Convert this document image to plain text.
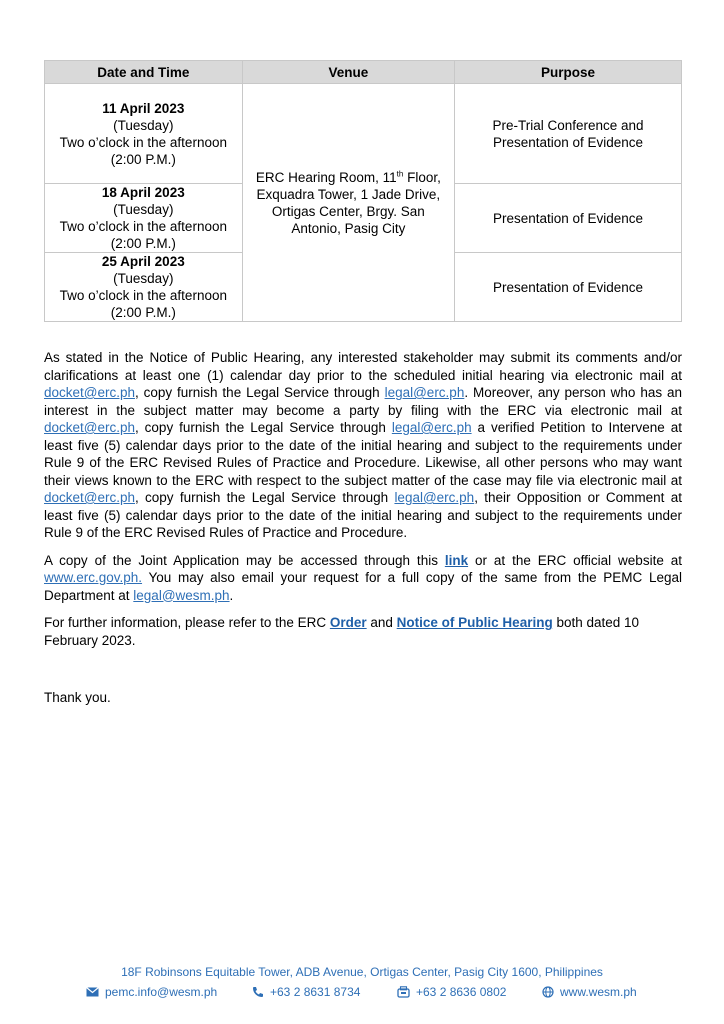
Date and Time	Venue	Purpose
11 April 2023
(Tuesday)
Two o’clock in the afternoon
(2:00 P.M.)	ERC Hearing Room, 11th Floor, Exquadra Tower, 1 Jade Drive, Ortigas Center, Brgy. San Antonio, Pasig City	Pre-Trial Conference and Presentation of Evidence
18 April 2023
(Tuesday)
Two o’clock in the afternoon
(2:00 P.M.)		Presentation of Evidence
25 April 2023
(Tuesday)
Two o’clock in the afternoon
(2:00 P.M.)		Presentation of Evidence

As stated in the Notice of Public Hearing, any interested stakeholder may submit its comments and/or clarifications at least one (1) calendar day prior to the scheduled initial hearing via electronic mail at docket@erc.ph, copy furnish the Legal Service through legal@erc.ph. Moreover, any person who has an interest in the subject matter may become a party by filing with the ERC via electronic mail at docket@erc.ph, copy furnish the Legal Service through legal@erc.ph a verified Petition to Intervene at least five (5) calendar days prior to the date of the initial hearing and subject to the requirements under Rule 9 of the ERC Revised Rules of Practice and Procedure. Likewise, all other persons who may want their views known to the ERC with respect to the subject matter of the case may file via electronic mail at docket@erc.ph, copy furnish the Legal Service through legal@erc.ph, their Opposition or Comment at least five (5) calendar days prior to the date of the initial hearing and subject to the requirements under Rule 9 of the ERC Revised Rules of Practice and Procedure.

A copy of the Joint Application may be accessed through this link or at the ERC official website at www.erc.gov.ph. You may also email your request for a full copy of the same from the PEMC Legal Department at legal@wesm.ph.

For further information, please refer to the ERC Order and Notice of Public Hearing both dated 10 February 2023.

Thank you.
18F Robinsons Equitable Tower, ADB Avenue, Ortigas Center, Pasig City 1600, Philippines
pemc.info@wesm.ph	+63 2 8631 8734	+63 2 8636 0802	www.wesm.ph
